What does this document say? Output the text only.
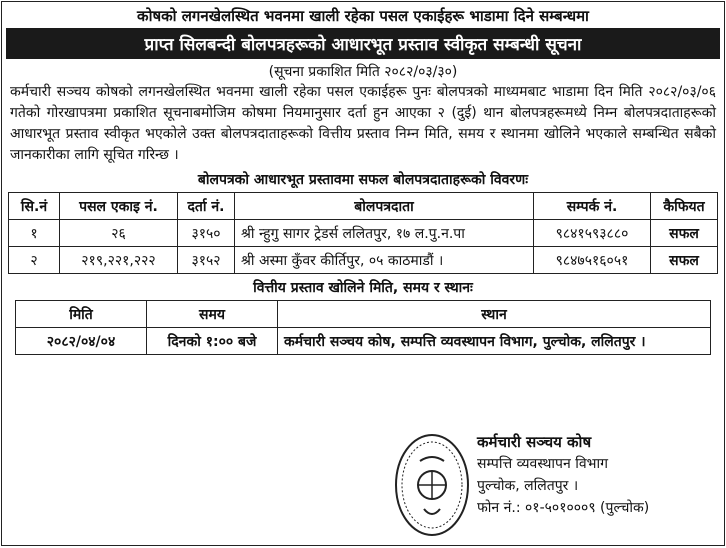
कोषको लगनखेलस्थित भवनमा खाली रहेका पसल एकाईहरू भाडामा दिने सम्बन्धमा
प्राप्त सिलबन्दी बोलपत्रहरूको आधारभूत प्रस्ताव स्वीकृत सम्बन्धी सूचना
(सूचना प्रकाशित मिति २०८२/०३/३०)
कर्मचारी सञ्चय कोषको लगनखेलस्थित भवनमा खाली रहेका पसल एकाईहरू पुनः बोलपत्रको माध्यमबाट भाडामा दिन मिति २०८२/०३/०६ गतेको गोरखापत्रमा प्रकाशित सूचनाबमोजिम कोषमा नियमानुसार दर्ता हुन आएका २ (दुई) थान बोलपत्रहरूमध्ये निम्न बोलपत्रदाताहरूको आधारभूत प्रस्ताव स्वीकृत भएकोले उक्त बोलपत्रदाताहरूको वित्तीय प्रस्ताव निम्न मिति, समय र स्थानमा खोलिने भएकाले सम्बन्धित सबैको जानकारीका लागि सूचित गरिन्छ ।
बोलपत्रको आधारभूत प्रस्तावमा सफल बोलपत्रदाताहरूको विवरणः
सि.नं	पसल एकाइ नं.	दर्ता नं.	बोलपत्रदाता	सम्पर्क नं.	कैफियत
१	२६	३१५०	श्री न्हुगु सागर ट्रेडर्स ललितपुर, १७ ल.पु.न.पा	९८४१५९३८८०	सफल
२	२१९,२२१,२२२	३१५२	श्री अस्मा कुँवर कीर्तिपुर, ०५ काठमाडौं ।	९८४७५१६०५१	सफल
वित्तीय प्रस्ताव खोलिने मिति, समय र स्थानः
मिति	समय	स्थान
२०८२/०४/०४	दिनको १:०० बजे	कर्मचारी सञ्चय कोष, सम्पत्ति व्यवस्थापन विभाग, पुल्चोक, ललितपुर ।
कर्मचारी सञ्चय कोष
सम्पत्ति व्यवस्थापन विभाग
पुल्चोक, ललितपुर ।
फोन नं.: ०१-५०१०००९ (पुल्चोक)
